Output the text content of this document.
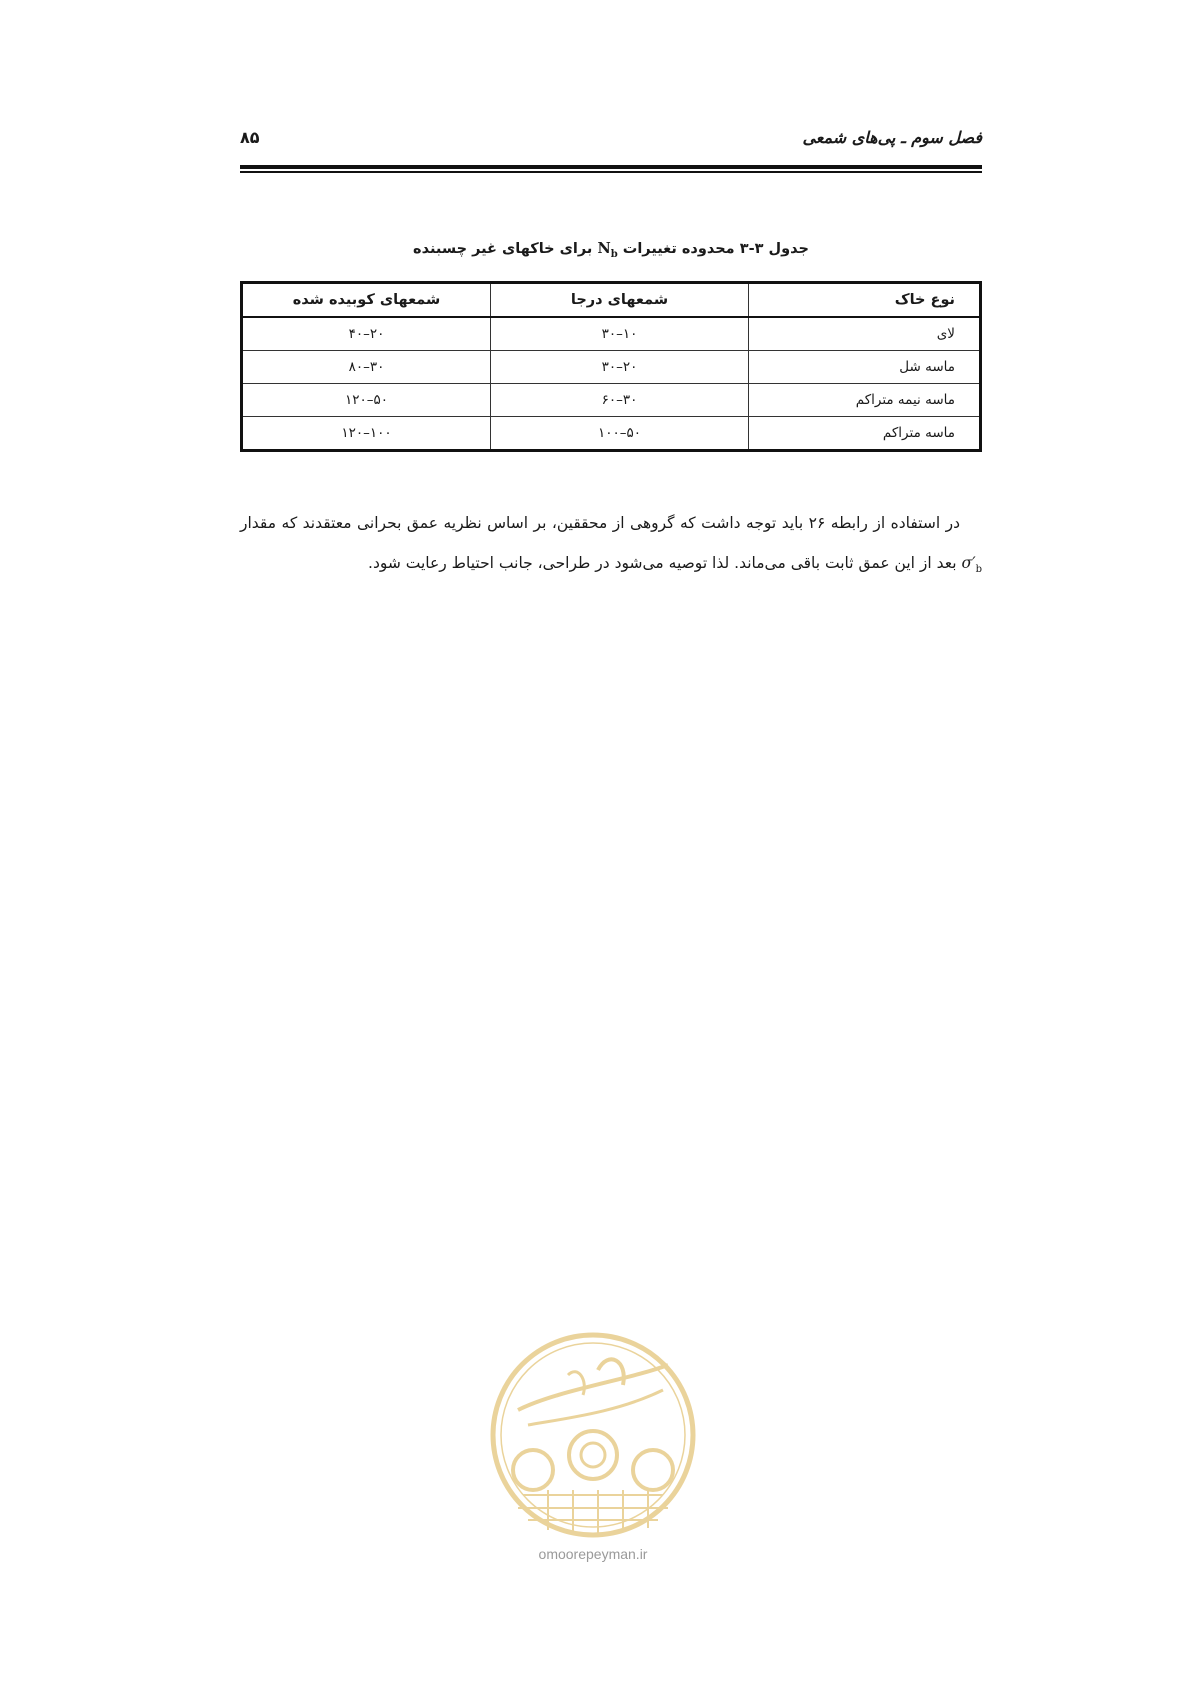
فصل سوم ـ پی‌های شمعی
۸۵
جدول ۳-۳ محدوده تغییرات $N_b$ برای خاکهای غیر چسبنده
نوع خاک	شمعهای درجا	شمعهای کوبیده شده
لای	۱۰–۳۰	۲۰–۴۰
ماسه شل	۲۰–۳۰	۳۰–۸۰
ماسه نیمه متراکم	۳۰–۶۰	۵۰–۱۲۰
ماسه متراکم	۵۰–۱۰۰	۱۰۰–۱۲۰

در استفاده از رابطه ۲۶ باید توجه داشت که گروهی از محققین، بر اساس نظریه عمق بحرانی معتقدند که مقدار $\sigma'_b$ بعد از این عمق ثابت باقی می‌ماند. لذا توصیه می‌شود در طراحی، جانب احتیاط رعایت شود.

omoorepeyman.ir
